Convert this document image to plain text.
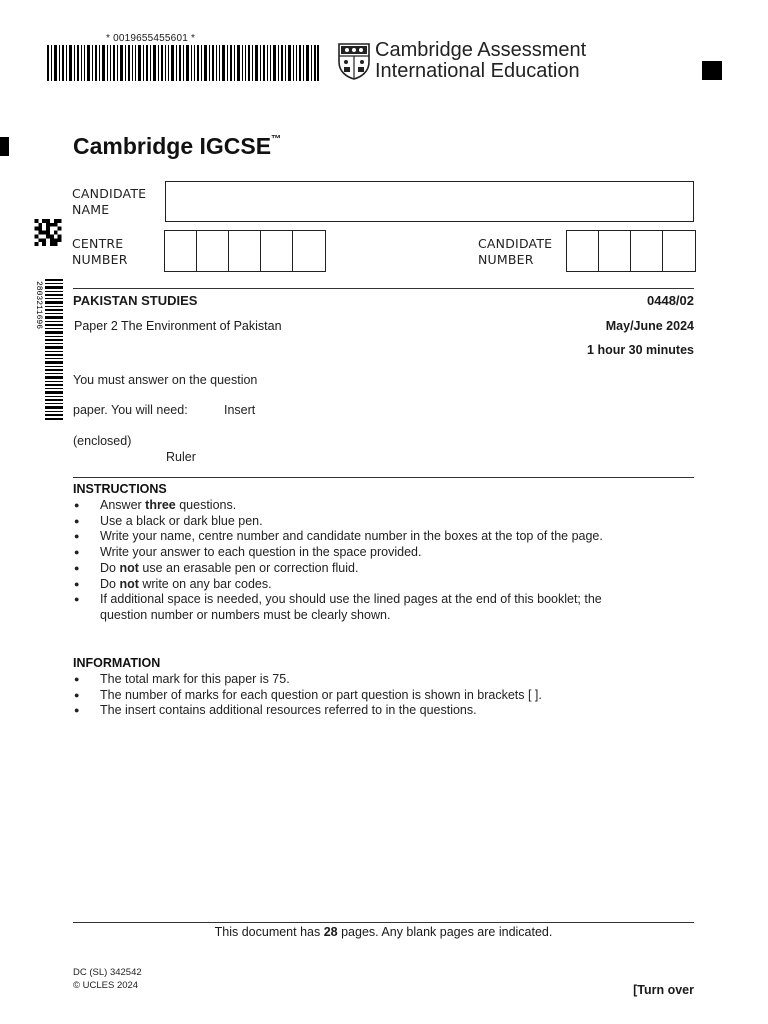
* 0019655455601 *
Cambridge Assessment
International Education
2803211696
Cambridge IGCSE™
CANDIDATE
NAME
CENTRE
NUMBER
CANDIDATE
NUMBER
PAKISTAN STUDIES	0448/02
Paper 2 The Environment of Pakistan	May/June 2024
1 hour 30 minutes
You must answer on the question
paper. You will need:	Insert
(enclosed)
Ruler
INSTRUCTIONS
● Answer three questions.
● Use a black or dark blue pen.
● Write your name, centre number and candidate number in the boxes at the top of the page.
● Write your answer to each question in the space provided.
● Do not use an erasable pen or correction fluid.
● Do not write on any bar codes.
● If additional space is needed, you should use the lined pages at the end of this booklet; the question number or numbers must be clearly shown.
INFORMATION
● The total mark for this paper is 75.
● The number of marks for each question or part question is shown in brackets [ ].
● The insert contains additional resources referred to in the questions.
This document has 28 pages. Any blank pages are indicated.
DC (SL) 342542
© UCLES 2024	[Turn over
